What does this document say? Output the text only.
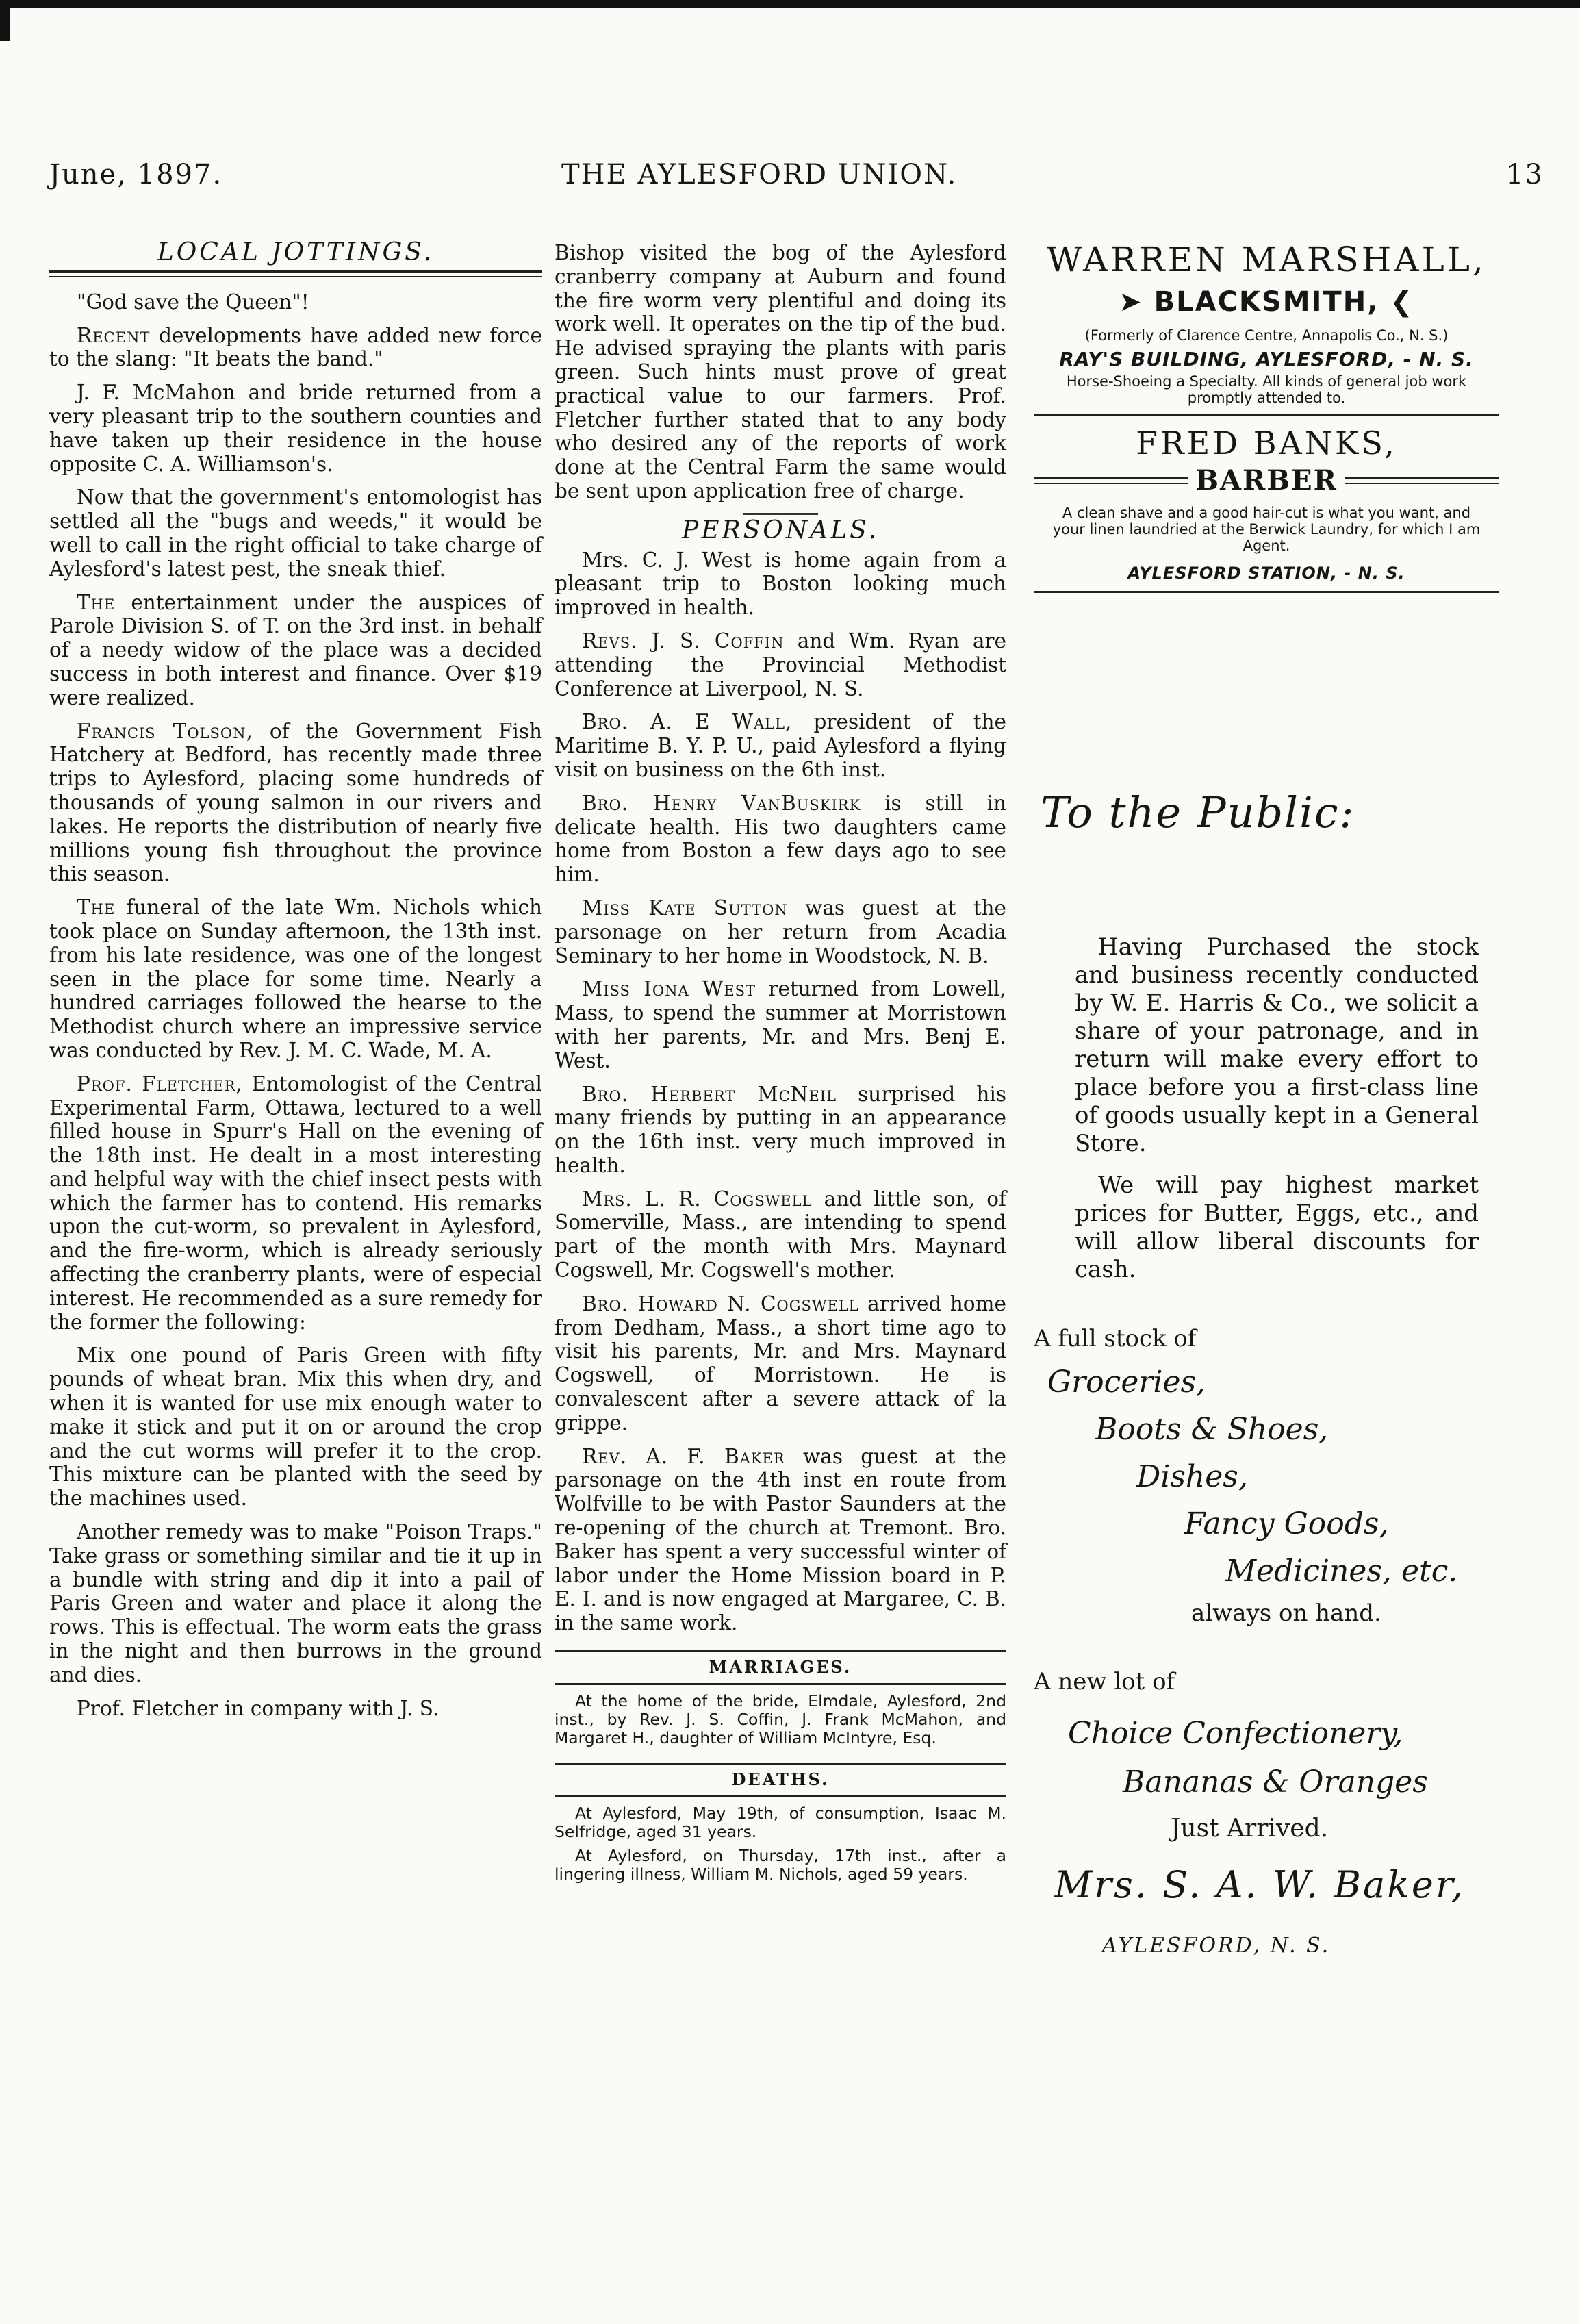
June, 1897.	THE AYLESFORD UNION.	13
LOCAL JOTTINGS.

"God save the Queen"!

Recent developments have added new force to the slang: "It beats the band."

J. F. McMahon and bride returned from a very pleasant trip to the southern counties and have taken up their residence in the house opposite C. A. Williamson's.

Now that the government's entomologist has settled all the "bugs and weeds," it would be well to call in the right official to take charge of Aylesford's latest pest, the sneak thief.

The entertainment under the auspices of Parole Division S. of T. on the 3rd inst. in behalf of a needy widow of the place was a decided success in both interest and finance. Over $19 were realized.

Francis Tolson, of the Government Fish Hatchery at Bedford, has recently made three trips to Aylesford, placing some hundreds of thousands of young salmon in our rivers and lakes. He reports the distribution of nearly five millions young fish throughout the province this season.

The funeral of the late Wm. Nichols which took place on Sunday afternoon, the 13th inst. from his late residence, was one of the longest seen in the place for some time. Nearly a hundred carriages followed the hearse to the Methodist church where an impressive service was conducted by Rev. J. M. C. Wade, M. A.

Prof. Fletcher, Entomologist of the Central Experimental Farm, Ottawa, lectured to a well filled house in Spurr's Hall on the evening of the 18th inst. He dealt in a most interesting and helpful way with the chief insect pests with which the farmer has to contend. His remarks upon the cut-worm, so prevalent in Aylesford, and the fire-worm, which is already seriously affecting the cranberry plants, were of especial interest. He recommended as a sure remedy for the former the following:

Mix one pound of Paris Green with fifty pounds of wheat bran. Mix this when dry, and when it is wanted for use mix enough water to make it stick and put it on or around the crop and the cut worms will prefer it to the crop. This mixture can be planted with the seed by the machines used.

Another remedy was to make "Poison Traps." Take grass or something similar and tie it up in a bundle with string and dip it into a pail of Paris Green and water and place it along the rows. This is effectual. The worm eats the grass in the night and then burrows in the ground and dies.

Prof. Fletcher in company with J. S.

Bishop visited the bog of the Aylesford cranberry company at Auburn and found the fire worm very plentiful and doing its work well. It operates on the tip of the bud. He advised spraying the plants with paris green. Such hints must prove of great practical value to our farmers. Prof. Fletcher further stated that to any body who desired any of the reports of work done at the Central Farm the same would be sent upon application free of charge.

PERSONALS.

Mrs. C. J. West is home again from a pleasant trip to Boston looking much improved in health.

Revs. J. S. Coffin and Wm. Ryan are attending the Provincial Methodist Conference at Liverpool, N. S.

Bro. A. E Wall, president of the Maritime B. Y. P. U., paid Aylesford a flying visit on business on the 6th inst.

Bro. Henry VanBuskirk is still in delicate health. His two daughters came home from Boston a few days ago to see him.

Miss Kate Sutton was guest at the parsonage on her return from Acadia Seminary to her home in Woodstock, N. B.

Miss Iona West returned from Lowell, Mass, to spend the summer at Morristown with her parents, Mr. and Mrs. Benj E. West.

Bro. Herbert McNeil surprised his many friends by putting in an appearance on the 16th inst. very much improved in health.

Mrs. L. R. Cogswell and little son, of Somerville, Mass., are intending to spend part of the month with Mrs. Maynard Cogswell, Mr. Cogswell's mother.

Bro. Howard N. Cogswell arrived home from Dedham, Mass., a short time ago to visit his parents, Mr. and Mrs. Maynard Cogswell, of Morristown. He is convalescent after a severe attack of la grippe.

Rev. A. F. Baker was guest at the parsonage on the 4th inst en route from Wolfville to be with Pastor Saunders at the re-opening of the church at Tremont. Bro. Baker has spent a very successful winter of labor under the Home Mission board in P. E. I. and is now engaged at Margaree, C. B. in the same work.

MARRIAGES.

At the home of the bride, Elmdale, Aylesford, 2nd inst., by Rev. J. S. Coffin, J. Frank McMahon, and Margaret H., daughter of William McIntyre, Esq.

DEATHS.

At Aylesford, May 19th, of consumption, Isaac M. Selfridge, aged 31 years.

At Aylesford, on Thursday, 17th inst., after a lingering illness, William M. Nichols, aged 59 years.

WARREN MARSHALL,
➤ BLACKSMITH, ❮
(Formerly of Clarence Centre, Annapolis Co., N. S.)
RAY'S BUILDING, AYLESFORD, - N. S.
Horse-Shoeing a Specialty. All kinds of general job work promptly attended to.
FRED BANKS,
BARBER
A clean shave and a good hair-cut is what you want, and your linen laundried at the Berwick Laundry, for which I am Agent.
AYLESFORD STATION, - N. S.
To the Public:

Having Purchased the stock and business recently conducted by W. E. Harris & Co., we solicit a share of your patronage, and in return will make every effort to place before you a first-class line of goods usually kept in a General Store.

We will pay highest market prices for Butter, Eggs, etc., and will allow liberal discounts for cash.

A full stock of
Groceries,
Boots & Shoes,
Dishes,
Fancy Goods,
Medicines, etc.
always on hand.
A new lot of
Choice Confectionery,
Bananas & Oranges
Just Arrived.
Mrs. S. A. W. Baker,
AYLESFORD, N. S.
